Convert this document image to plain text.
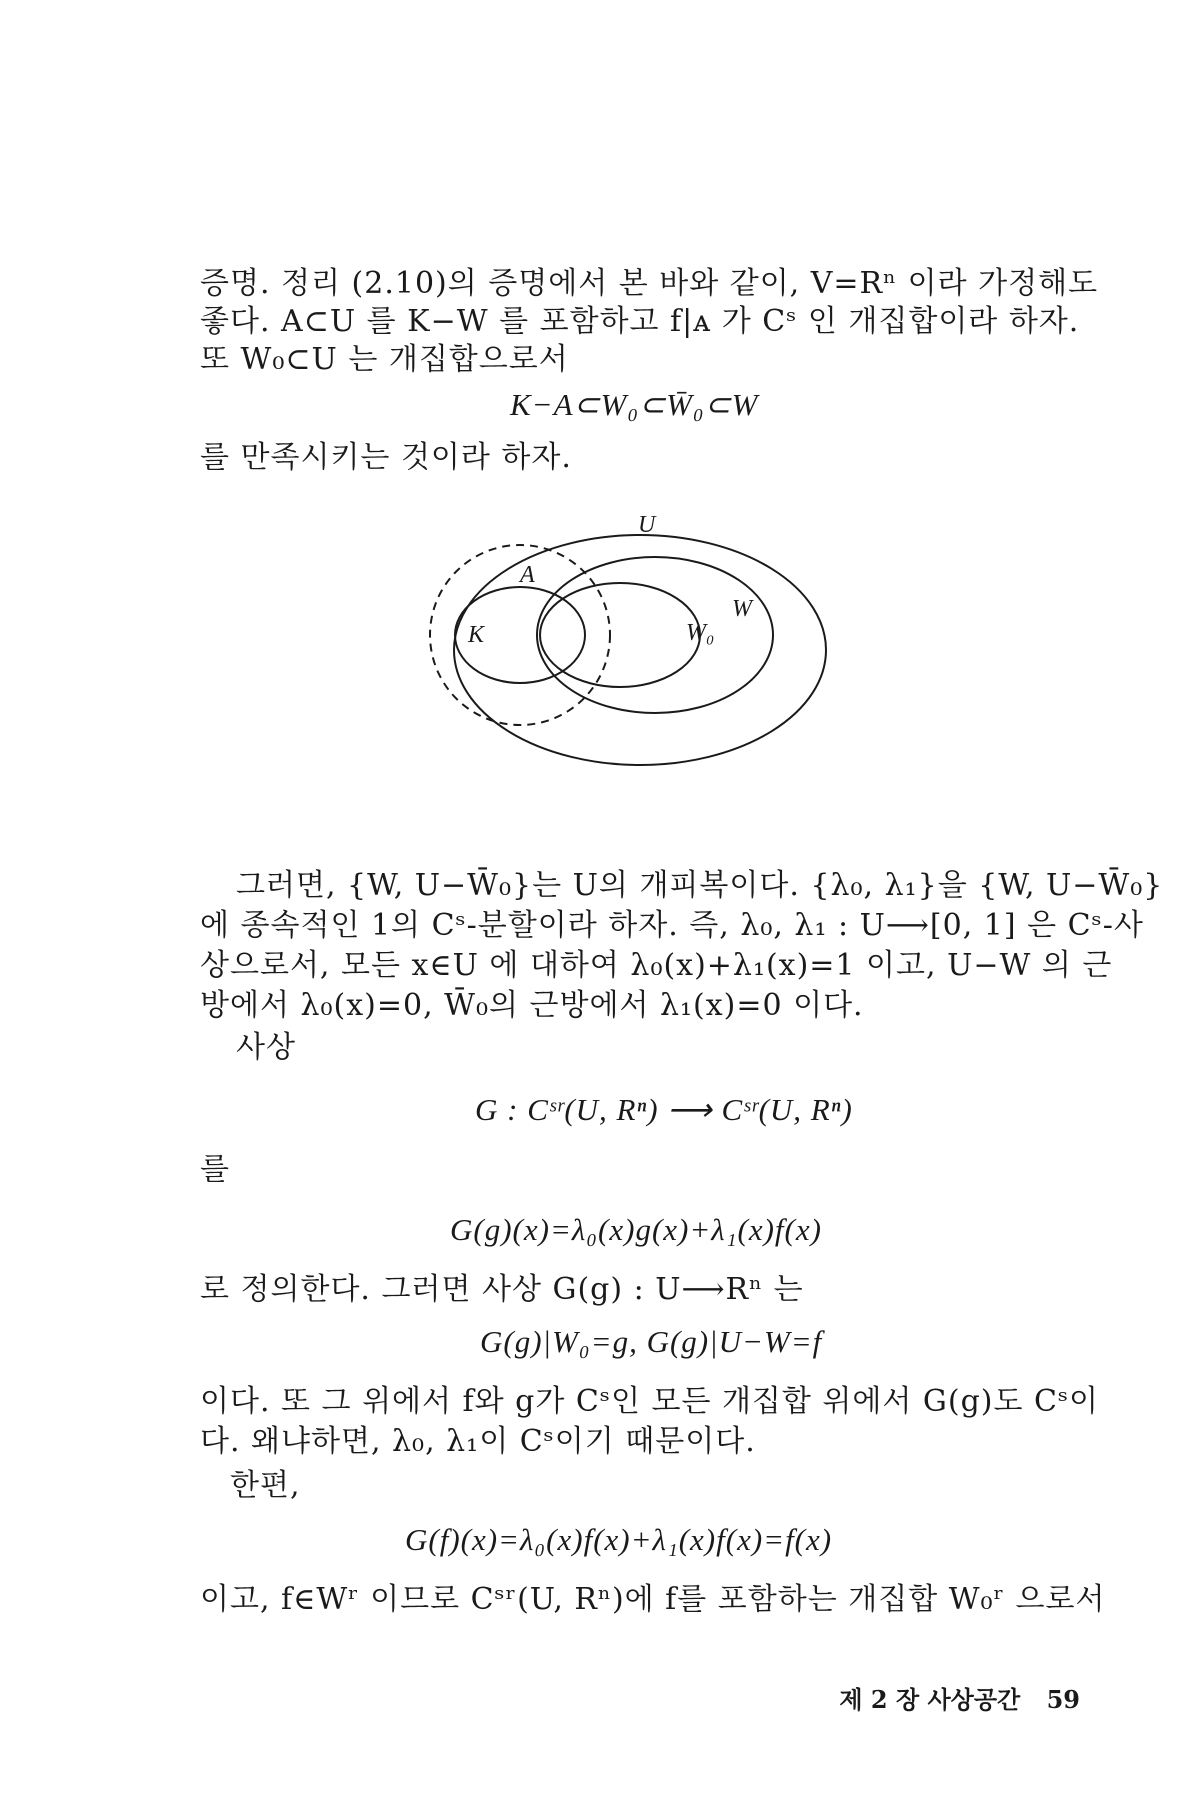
증명. 정리 (2.10)의 증명에서 본 바와 같이, V=Rⁿ 이라 가정해도
좋다. A⊂U 를 K−W 를 포함하고 f|ᴀ 가 Cˢ 인 개집합이라 하자.
또 W₀⊂U 는 개집합으로서
K−A⊂W₀⊂W̄₀⊂W
를 만족시키는 것이라 하자.
U
A
K	W₀
W
그러면, {W, U−W̄₀}는 U의 개피복이다. {λ₀, λ₁}을 {W, U−W̄₀}
에 종속적인 1의 Cˢ-분할이라 하자. 즉, λ₀, λ₁ : U⟶[0, 1] 은 Cˢ-사
상으로서, 모든 x∈U 에 대하여 λ₀(x)+λ₁(x)=1 이고, U−W 의 근
방에서 λ₀(x)=0, W̄₀의 근방에서 λ₁(x)=0 이다.
사상
G : Cˢʳ(U, Rⁿ) ⟶ Cˢʳ(U, Rⁿ)
를
G(g)(x)=λ₀(x)g(x)+λ₁(x)f(x)
로 정의한다. 그러면 사상 G(g) : U⟶Rⁿ 는
G(g)|W₀=g, G(g)|U−W=f
이다. 또 그 위에서 f와 g가 Cˢ인 모든 개집합 위에서 G(g)도 Cˢ이
다. 왜냐하면, λ₀, λ₁이 Cˢ이기 때문이다.
한편,
G(f)(x)=λ₀(x)f(x)+λ₁(x)f(x)=f(x)
이고, f∈Wʳ 이므로 Cˢʳ(U, Rⁿ)에 f를 포함하는 개집합 W₀ʳ 으로서
제 2 장 사상공간 59
